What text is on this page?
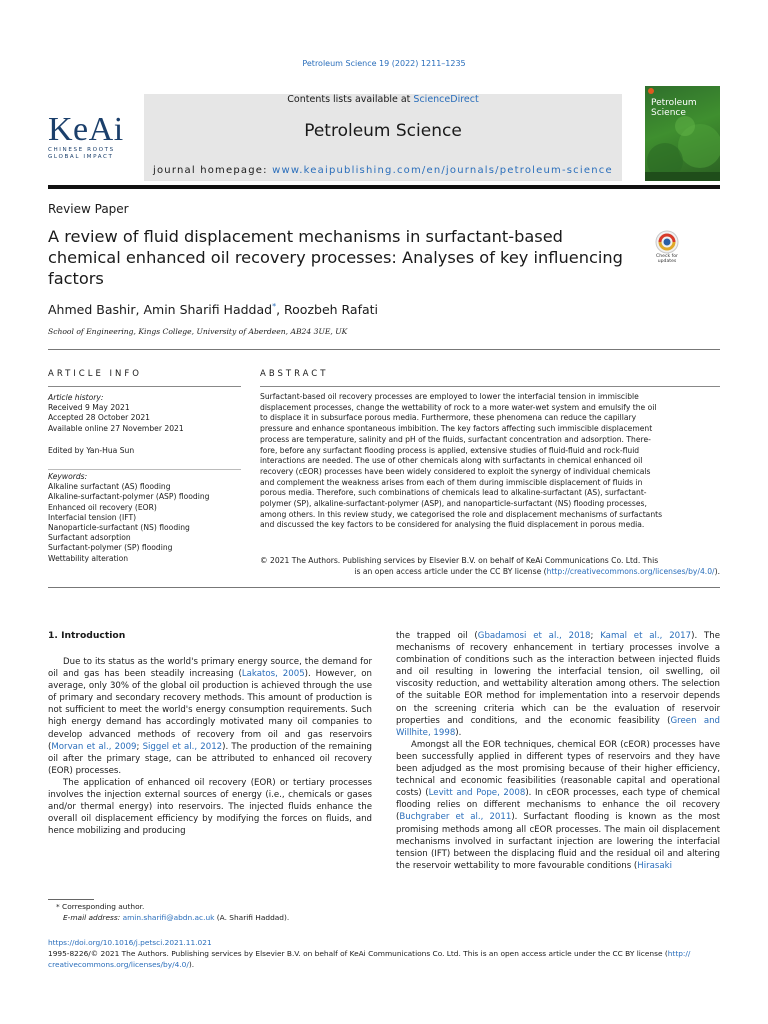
Petroleum Science 19 (2022) 1211–1235
KeAi
CHINESE ROOTS
GLOBAL IMPACT
Contents lists available at ScienceDirect
Petroleum Science
journal homepage: www.keaipublishing.com/en/journals/petroleum-science
Petroleum
Science
Review Paper
A review of fluid displacement mechanisms in surfactant-based chemical enhanced oil recovery processes: Analyses of key influencing factors
Check for
updates
Ahmed Bashir, Amin Sharifi Haddad*, Roozbeh Rafati
School of Engineering, Kings College, University of Aberdeen, AB24 3UE, UK
ARTICLE INFO	ABSTRACT
Article history:
Received 9 May 2021
Accepted 28 October 2021
Available online 27 November 2021
Edited by Yan-Hua Sun
Keywords:
Alkaline surfactant (AS) flooding
Alkaline-surfactant-polymer (ASP) flooding
Enhanced oil recovery (EOR)
Interfacial tension (IFT)
Nanoparticle-surfactant (NS) flooding
Surfactant adsorption
Surfactant-polymer (SP) flooding
Wettability alteration
Surfactant-based oil recovery processes are employed to lower the interfacial tension in immiscible
displacement processes, change the wettability of rock to a more water-wet system and emulsify the oil
to displace it in subsurface porous media. Furthermore, these phenomena can reduce the capillary
pressure and enhance spontaneous imbibition. The key factors affecting such immiscible displacement
process are temperature, salinity and pH of the fluids, surfactant concentration and adsorption. There-
fore, before any surfactant flooding process is applied, extensive studies of fluid-fluid and rock-fluid
interactions are needed. The use of other chemicals along with surfactants in chemical enhanced oil
recovery (cEOR) processes have been widely considered to exploit the synergy of individual chemicals
and complement the weakness arises from each of them during immiscible displacement of fluids in
porous media. Therefore, such combinations of chemicals lead to alkaline-surfactant (AS), surfactant-
polymer (SP), alkaline-surfactant-polymer (ASP), and nanoparticle-surfactant (NS) flooding processes,
among others. In this review study, we categorised the role and displacement mechanisms of surfactants
and discussed the key factors to be considered for analysing the fluid displacement in porous media.
© 2021 The Authors. Publishing services by Elsevier B.V. on behalf of KeAi Communications Co. Ltd. This
is an open access article under the CC BY license (http://creativecommons.org/licenses/by/4.0/).
1. Introduction

Due to its status as the world's primary energy source, the demand for oil and gas has been steadily increasing (Lakatos, 2005). However, on average, only 30% of the global oil production is achieved through the use of primary and secondary recovery methods. This amount of production is not sufficient to meet the world's energy consumption requirements. Such high energy demand has accordingly motivated many oil companies to develop advanced methods of recovery from oil and gas reservoirs (Morvan et al., 2009; Siggel et al., 2012). The production of the remaining oil after the primary stage, can be attributed to enhanced oil recovery (EOR) processes.

The application of enhanced oil recovery (EOR) or tertiary processes involves the injection external sources of energy (i.e., chemicals or gases and/or thermal energy) into reservoirs. The injected fluids enhance the overall oil displacement efficiency by modifying the forces on fluids, and hence mobilizing and producing

the trapped oil (Gbadamosi et al., 2018; Kamal et al., 2017). The mechanisms of recovery enhancement in tertiary processes involve a combination of conditions such as the interaction between injected fluids and oil resulting in lowering the interfacial tension, oil swelling, oil viscosity reduction, and wettability alteration among others. The selection of the suitable EOR method for implementation into a reservoir depends on the screening criteria which can be the evaluation of reservoir properties and conditions, and the economic feasibility (Green and Willhite, 1998).

Amongst all the EOR techniques, chemical EOR (cEOR) processes have been successfully applied in different types of reservoirs and they have been adjudged as the most promising because of their higher efficiency, technical and economic feasibilities (reasonable capital and operational costs) (Levitt and Pope, 2008). In cEOR processes, each type of chemical flooding relies on different mechanisms to enhance the oil recovery (Buchgraber et al., 2011). Surfactant flooding is known as the most promising methods among all cEOR processes. The main oil displacement mechanisms involved in surfactant injection are lowering the interfacial tension (IFT) between the displacing fluid and the residual oil and altering the reservoir wettability to more favourable conditions (Hirasaki

* Corresponding author.
E-mail address: amin.sharifi@abdn.ac.uk (A. Sharifi Haddad).
https://doi.org/10.1016/j.petsci.2021.11.021
1995-8226/© 2021 The Authors. Publishing services by Elsevier B.V. on behalf of KeAi Communications Co. Ltd. This is an open access article under the CC BY license (http://
creativecommons.org/licenses/by/4.0/).
